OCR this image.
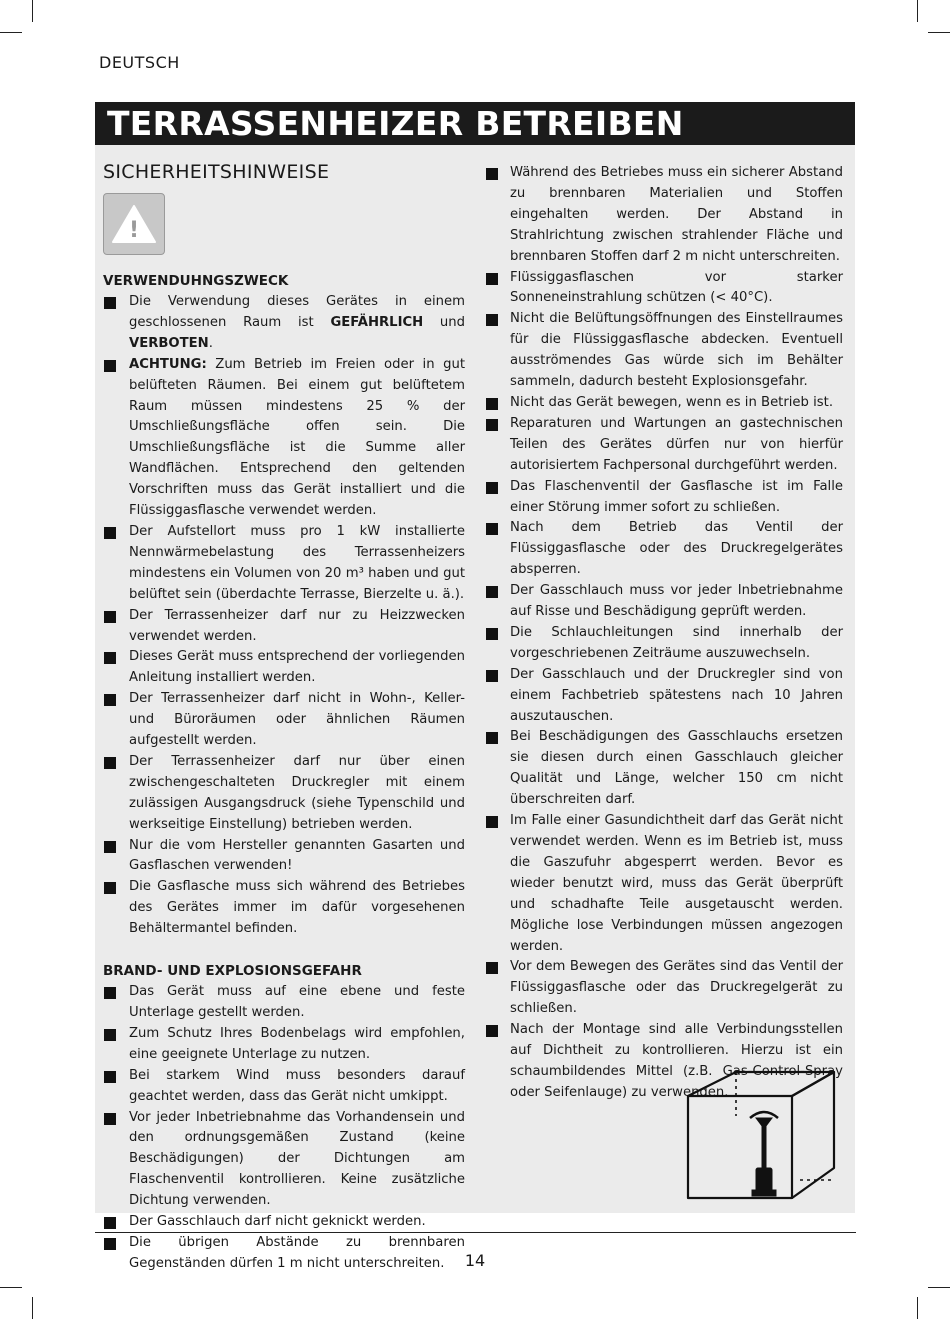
DEUTSCH
TERRASSENHEIZER BETREIBEN
SICHERHEITSHINWEISE
!
VERWENDUHNGSZWECK
Die Verwendung dieses Gerätes in einem geschlossenen Raum ist GEFÄHRLICH und VERBOTEN.
ACHTUNG: Zum Betrieb im Freien oder in gut belüfteten Räumen. Bei einem gut belüftetem Raum müssen mindestens 25 % der Umschließungsfläche offen sein. Die Umschließungsfläche ist die Summe aller Wandflächen. Entsprechend den geltenden Vorschriften muss das Gerät installiert und die Flüssiggasflasche verwendet werden.
Der Aufstellort muss pro 1 kW installierte Nennwärmebelastung des Terrassenheizers mindestens ein Volumen von 20 m³ haben und gut belüftet sein (überdachte Terrasse, Bierzelte u. ä.).
Der Terrassenheizer darf nur zu Heizzwecken verwendet werden.
Dieses Gerät muss entsprechend der vorliegenden Anleitung installiert werden.
Der Terrassenheizer darf nicht in Wohn-, Keller- und Büroräumen oder ähnlichen Räumen aufgestellt werden.
Der Terrassenheizer darf nur über einen zwischengeschalteten Druckregler mit einem zulässigen Ausgangsdruck (siehe Typenschild und werkseitige Einstellung) betrieben werden.
Nur die vom Hersteller genannten Gasarten und Gasflaschen verwenden!
Die Gasflasche muss sich während des Betriebes des Gerätes immer im dafür vorgesehenen Behältermantel befinden.
BRAND- UND EXPLOSIONSGEFAHR
Das Gerät muss auf eine ebene und feste Unterlage gestellt werden.
Zum Schutz Ihres Bodenbelags wird empfohlen, eine geeignete Unterlage zu nutzen.
Bei starkem Wind muss besonders darauf geachtet werden, dass das Gerät nicht umkippt.
Vor jeder Inbetriebnahme das Vorhandensein und den ordnungsgemäßen Zustand (keine Beschädigungen) der Dichtungen am Flaschenventil kontrollieren. Keine zusätzliche Dichtung verwenden.
Der Gasschlauch darf nicht geknickt werden.
Die übrigen Abstände zu brennbaren Gegenständen dürfen 1 m nicht unterschreiten.
Während des Betriebes muss ein sicherer Abstand zu brennbaren Materialien und Stoffen eingehalten werden. Der Abstand in Strahlrichtung zwischen strahlender Fläche und brennbaren Stoffen darf 2 m nicht unterschreiten.
Flüssiggasflaschen vor starker Sonneneinstrahlung schützen (< 40°C).
Nicht die Belüftungsöffnungen des Einstellraumes für die Flüssiggasflasche abdecken. Eventuell ausströmendes Gas würde sich im Behälter sammeln, dadurch besteht Explosionsgefahr.
Nicht das Gerät bewegen, wenn es in Betrieb ist.
Reparaturen und Wartungen an gastechnischen Teilen des Gerätes dürfen nur von hierfür autorisiertem Fachpersonal durchgeführt werden.
Das Flaschenventil der Gasflasche ist im Falle einer Störung immer sofort zu schließen.
Nach dem Betrieb das Ventil der Flüssiggasflasche oder des Druckregelgerätes absperren.
Der Gasschlauch muss vor jeder Inbetriebnahme auf Risse und Beschädigung geprüft werden.
Die Schlauchleitungen sind innerhalb der vorgeschriebenen Zeiträume auszuwechseln.
Der Gasschlauch und der Druckregler sind von einem Fachbetrieb spätestens nach 10 Jahren auszutauschen.
Bei Beschädigungen des Gasschlauchs ersetzen sie diesen durch einen Gasschlauch gleicher Qualität und Länge, welcher 150 cm nicht überschreiten darf.
Im Falle einer Gasundichtheit darf das Gerät nicht verwendet werden. Wenn es im Betrieb ist, muss die Gaszufuhr abgesperrt werden. Bevor es wieder benutzt wird, muss das Gerät überprüft und schadhafte Teile ausgetauscht werden. Mögliche lose Verbindungen müssen angezogen werden.
Vor dem Bewegen des Gerätes sind das Ventil der Flüssiggasflasche oder das Druckregelgerät zu schließen.
Nach der Montage sind alle Verbindungsstellen auf Dichtheit zu kontrollieren. Hierzu ist ein schaumbildendes Mittel (z.B. Gas-Control-Spray oder Seifenlauge) zu verwenden.
14
